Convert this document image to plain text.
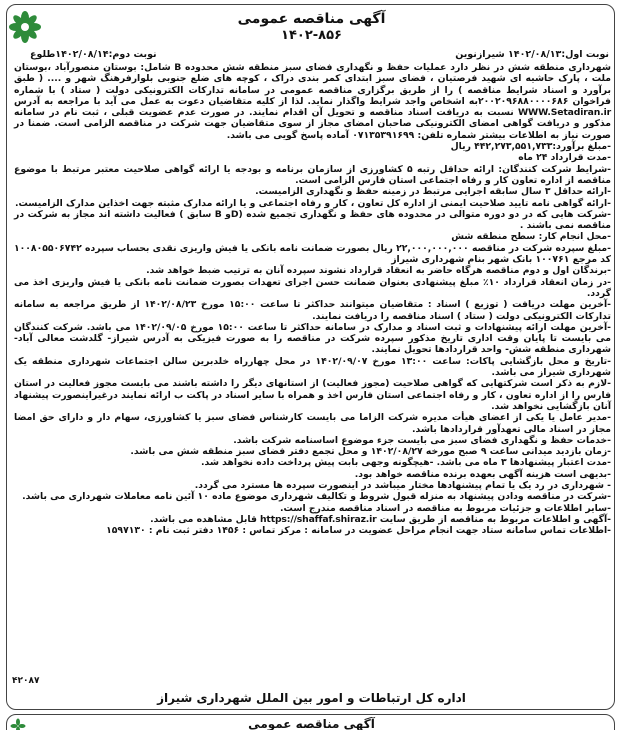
آگهی مناقصه عمومی
۱۴۰۲-۸۵۶
نوبت اول:۱۴۰۲/۰۸/۱۳ شیرازنوین
نوبت دوم:۱۴۰۲/۰۸/۱۴طلوع

شهرداری منطقه شش در نظر دارد عملیات حفظ و نگهداری فضای سبز منطقه شش محدوده B شامل: بوستان منصورآباد ،بوستان ملت ، پارک حاشیه ای شهید فرصتیان ، فضای سبز ابتدای کمر بندی دراک ، کوچه های ضلع جنوبی بلوارفرهنگ شهر و .... ( طبق برآورد و اسناد شرایط مناقصه ) را از طریق برگزاری مناقصه عمومی در سامانه تدارکات الکترونیکی دولت ( ستاد ) با شماره فراخوان ۲۰۰۲۰۹۶۸۸۰۰۰۰۶۸۶به اشخاص واجد شرایط واگذار نماید. لذا از کلیه متقاضیان دعوت به عمل می آید با مراجعه به آدرس WWW.Setadiran.ir نسبت به دریافت اسناد مناقصه و تحویل آن اقدام نمایند. در صورت عدم عضویت قبلی ، ثبت نام در سامانه مذکور و دریافت گواهی امضای الکترونیکی صاحبان امضای مجاز از سوی متقاضیان جهت شرکت در مناقصه الزامی است. ضمنا در صورت نیاز به اطلاعات بیشتر شماره تلفن: ۰۷۱۳۵۳۹۱۶۹۹ آماده پاسخ گویی می باشد.

-مبلغ برآورد:۴۴۲,۲۷۳,۵۵۱,۷۳۳ ریال

-مدت قرارداد ۲۴ ماه

-شرایط شرکت کنندگان: ارائه حداقل رتبه ۵ کشاورزی از سازمان برنامه و بودجه یا ارائه گواهی صلاحیت معتبر مرتبط با موضوع مناقصه از اداره تعاون کار و رفاه اجتماعی استان فارس الزامی است.

-ارائه حداقل ۳ سال سابقه اجرایی مرتبط در زمینه حفظ و نگهداری الزامیست.

-ارائه گواهی نامه تایید صلاحیت ایمنی از اداره کل تعاون ، کار و رفاه اجتماعی و یا ارائه مدارک مثبته جهت اخذاین مدارک الزامیست.

-شرکت هایی که در دو دوره متوالی در محدوده های حفظ و نگهداری تجمیع شده (Dو B سابق ) فعالیت داشته اند مجاز به شرکت در مناقصه نمی باشند .

-محل انجام کار: سطح منطقه شش

-مبلغ سپرده شرکت در مناقصه ۲۲,۰۰۰,۰۰۰,۰۰۰ ریال بصورت ضمانت نامه بانکی یا فیش واریزی نقدی بحساب سپرده ۱۰۰۸۰۵۵۰۶۷۴۲ کد مرجع ۱۰۰۷۶۱ بانک شهر بنام شهرداری شیراز

-برندگان اول و دوم مناقصه هرگاه حاضر به انعقاد قرارداد نشوند سپرده آنان به ترتیب ضبط خواهد شد.

-در زمان انعقاد قرارداد ۱۰٪ مبلغ پیشنهادی بعنوان ضمانت حسن اجرای تعهدات بصورت ضمانت نامه بانکی یا فیش واریزی اخذ می گردد.

-آخرین مهلت دریافت ( توزیع ) اسناد : متقاضیان میتوانند حداکثر تا ساعت ۱۵:۰۰ مورخ ۱۴۰۲/۰۸/۲۳ از طریق مراجعه به سامانه تدارکات الکترونیکی دولت ( ستاد ) اسناد مناقصه را دریافت نمایند.

-آخرین مهلت ارائه پیشنهادات و ثبت اسناد و مدارک در سامانه حداکثر تا ساعت ۱۵:۰۰ مورخ ۱۴۰۲/۰۹/۰۵ می باشد. شرکت کنندگان می بایست تا پایان وقت اداری تاریخ مذکور سپرده شرکت در مناقصه را به صورت فیزیکی به آدرس شیراز- گلدشت معالی آباد- شهرداری منطقه شش- واحد قراردادها تحویل نمایند.

-تاریخ و محل بازگشایی پاکات: ساعت ۱۳:۰۰ مورخ ۱۴۰۲/۰۹/۰۷ در محل چهارراه خلدبرین سالن اجتماعات شهرداری منطقه یک شهرداری شیراز می باشد.

-لازم به ذکر است شرکتهایی که گواهی صلاحیت (مجوز فعالیت) از استانهای دیگر را داشته باشند می بایست مجوز فعالیت در استان فارس را از اداره تعاون ، کار و رفاه اجتماعی استان فارس اخذ و همراه با سایر اسناد در پاکت ب ارائه نمایند درغیراینصورت پیشنهاد آنان بازگشایی نخواهد شد.

-مدیر عامل یا یکی از اعضای هیأت مدیره شرکت الزاما می بایست کارشناس فضای سبز یا کشاورزی، سهام دار و دارای حق امضا مجاز در اسناد مالی تعهدآور قراردادها باشد.

-خدمات حفظ و نگهداری فضای سبز می بایست جزء موضوع اساسنامه شرکت باشد.

-زمان بازدید میدانی ساعت ۹ صبح مورخه ۱۴۰۲/۰۸/۲۷ و محل تجمع دفتر فضای سبز منطقه شش می باشد.

-مدت اعتبار پیشنهادها ۳ ماه می باشد. -هیچگونه وجهی بابت پیش پرداخت داده نخواهد شد.

-بدیهی است هزینه آگهی بعهده برنده مناقصه خواهد بود.

- شهرداری در رد یک یا تمام پیشنهادها مختار میباشد در اینصورت سپرده ها مسترد می گردد.

-شرکت در مناقصه ودادن پیشنهاد به منزله قبول شروط و تکالیف شهرداری موضوع ماده ۱۰ آئین نامه معاملات شهرداری می باشد.

-سایر اطلاعات و جزئیات مربوط به مناقصه در اسناد مناقصه مندرج است.

-آگهی و اطلاعات مربوط به مناقصه از طریق سایت https://shaffaf.shiraz.ir قابل مشاهده می باشد.

-اطلاعات تماس سامانه ستاد جهت انجام مراحل عضویت در سامانه : مرکز تماس : ۱۴۵۶ دفتر ثبت نام : ۱۵۹۷۱۳۰

۴۲۰۸۷
اداره کل ارتباطات و امور بین الملل شهرداری شیراز
آگهی مناقصه عمومی
